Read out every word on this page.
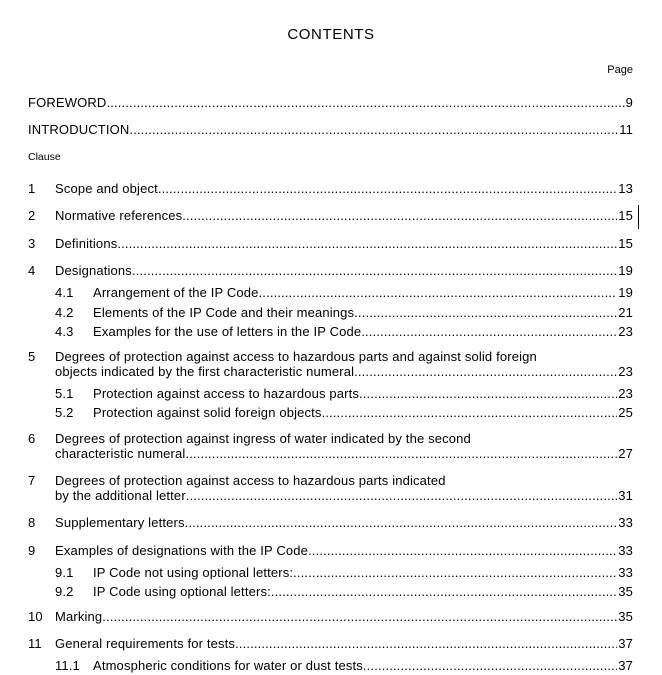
CONTENTS
Page
FOREWORD .....	9
INTRODUCTION .....	11
Clause
1 Scope and object .....	13
2 Normative references .....	15
3 Definitions .....	15
4 Designations .....	19
4.1 Arrangement of the IP Code .....	19
4.2 Elements of the IP Code and their meanings .....	21
4.3 Examples for the use of letters in the IP Code .....	23
5 Degrees of protection against access to hazardous parts and against solid foreign
objects indicated by the first characteristic numeral .....	23
5.1 Protection against access to hazardous parts .....	23
5.2 Protection against solid foreign objects .....	25
6 Degrees of protection against ingress of water indicated by the second
characteristic numeral .....	27
7 Degrees of protection against access to hazardous parts indicated
by the additional letter .....	31
8 Supplementary letters .....	33
9 Examples of designations with the IP Code .....	33
9.1 IP Code not using optional letters: .....	33
9.2 IP Code using optional letters: .....	35
10 Marking .....	35
11 General requirements for tests .....	37
11.1 Atmospheric conditions for water or dust tests .....	37
